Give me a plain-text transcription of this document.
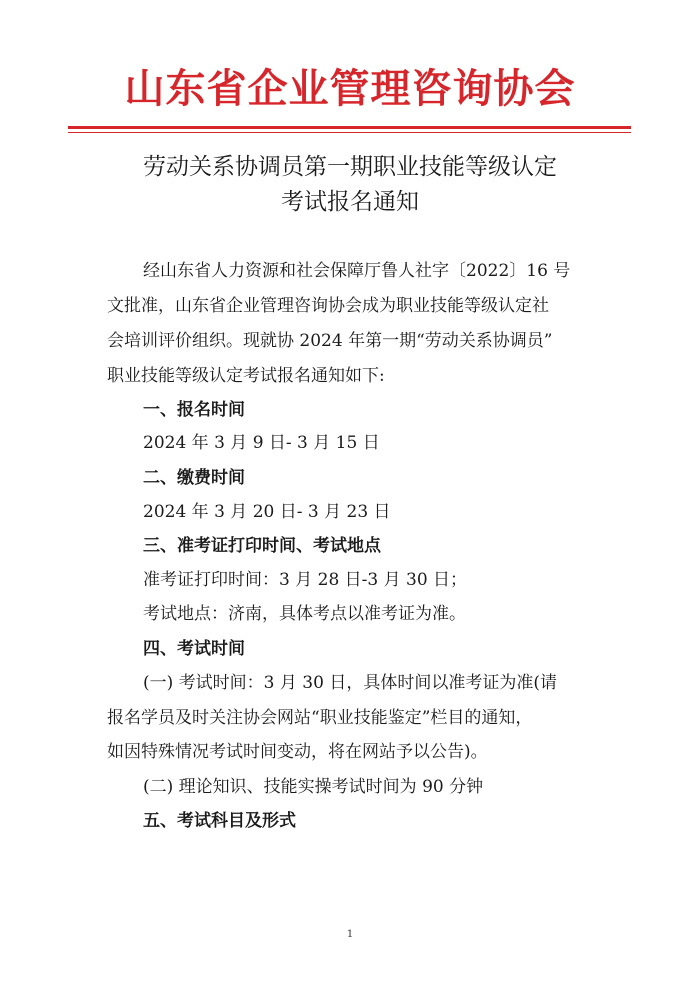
山东省企业管理咨询协会
劳动关系协调员第一期职业技能等级认定
考试报名通知
经山东省人力资源和社会保障厅鲁人社字〔2022〕16 号
文批准，山东省企业管理咨询协会成为职业技能等级认定社
会培训评价组织。现就协 2024 年第一期“劳动关系协调员”
职业技能等级认定考试报名通知如下:
一、报名时间
2024 年 3 月 9 日- 3 月 15 日
二、缴费时间
2024 年 3 月 20 日- 3 月 23 日
三、准考证打印时间、考试地点
准考证打印时间：3 月 28 日-3 月 30 日；
考试地点：济南，具体考点以准考证为准。
四、考试时间
(一) 考试时间：3 月 30 日，具体时间以准考证为准(请
报名学员及时关注协会网站“职业技能鉴定”栏目的通知，
如因特殊情况考试时间变动，将在网站予以公告)。
(二) 理论知识、技能实操考试时间为 90 分钟
五、考试科目及形式
1
